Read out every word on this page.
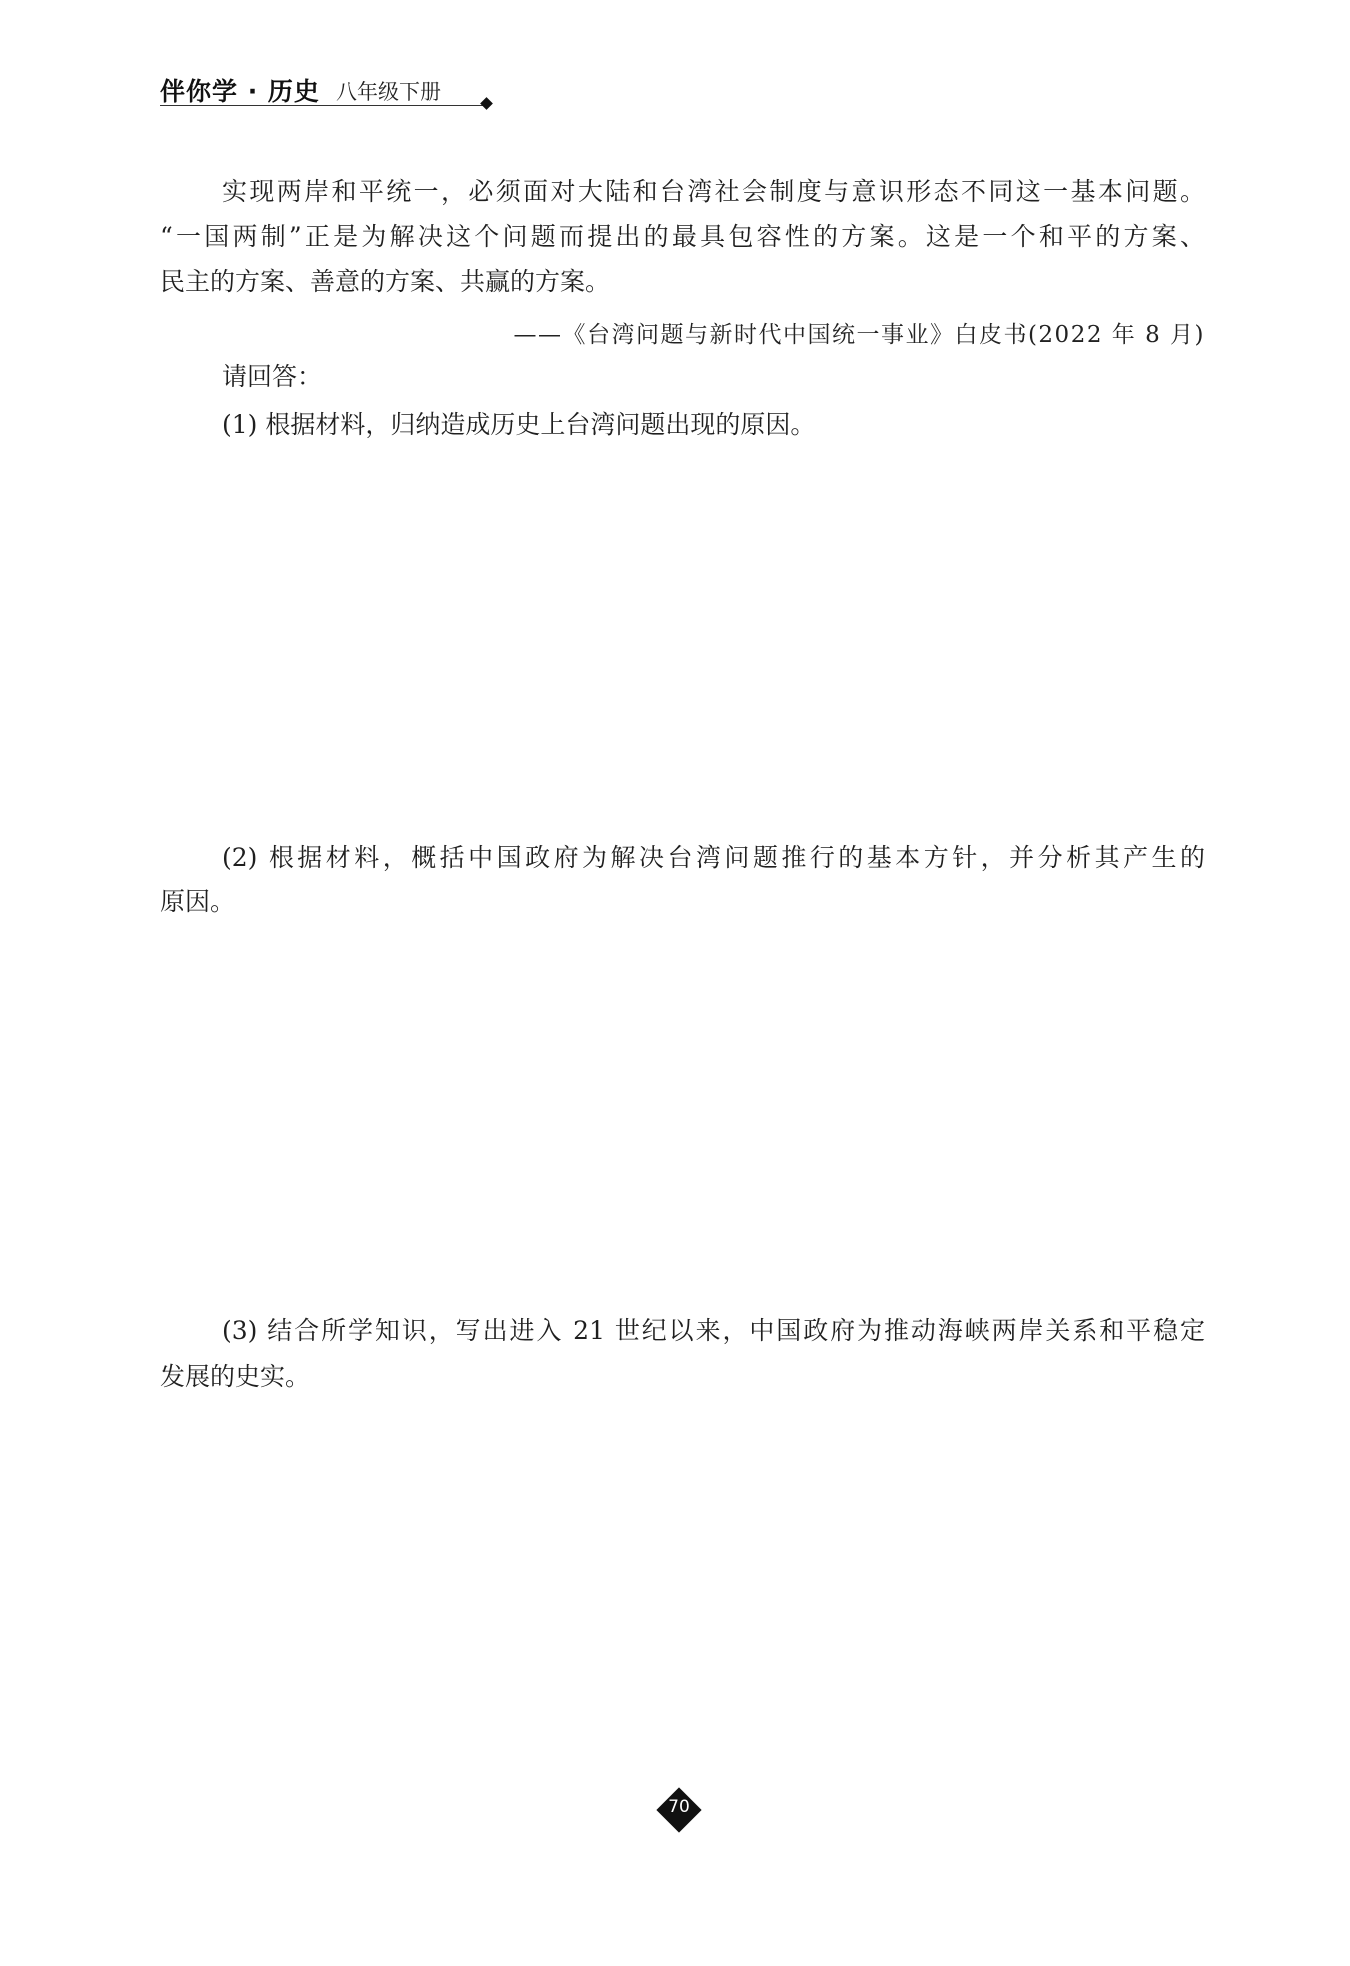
伴你学 · 历史 八年级下册
实现两岸和平统一，必须面对大陆和台湾社会制度与意识形态不同这一基本问题。
“一国两制”正是为解决这个问题而提出的最具包容性的方案。这是一个和平的方案、
民主的方案、善意的方案、共赢的方案。
——《台湾问题与新时代中国统一事业》白皮书(2022 年 8 月)
请回答：
(1) 根据材料，归纳造成历史上台湾问题出现的原因。
(2) 根据材料，概括中国政府为解决台湾问题推行的基本方针，并分析其产生的
原因。
(3) 结合所学知识，写出进入 21 世纪以来，中国政府为推动海峡两岸关系和平稳定
发展的史实。
70
